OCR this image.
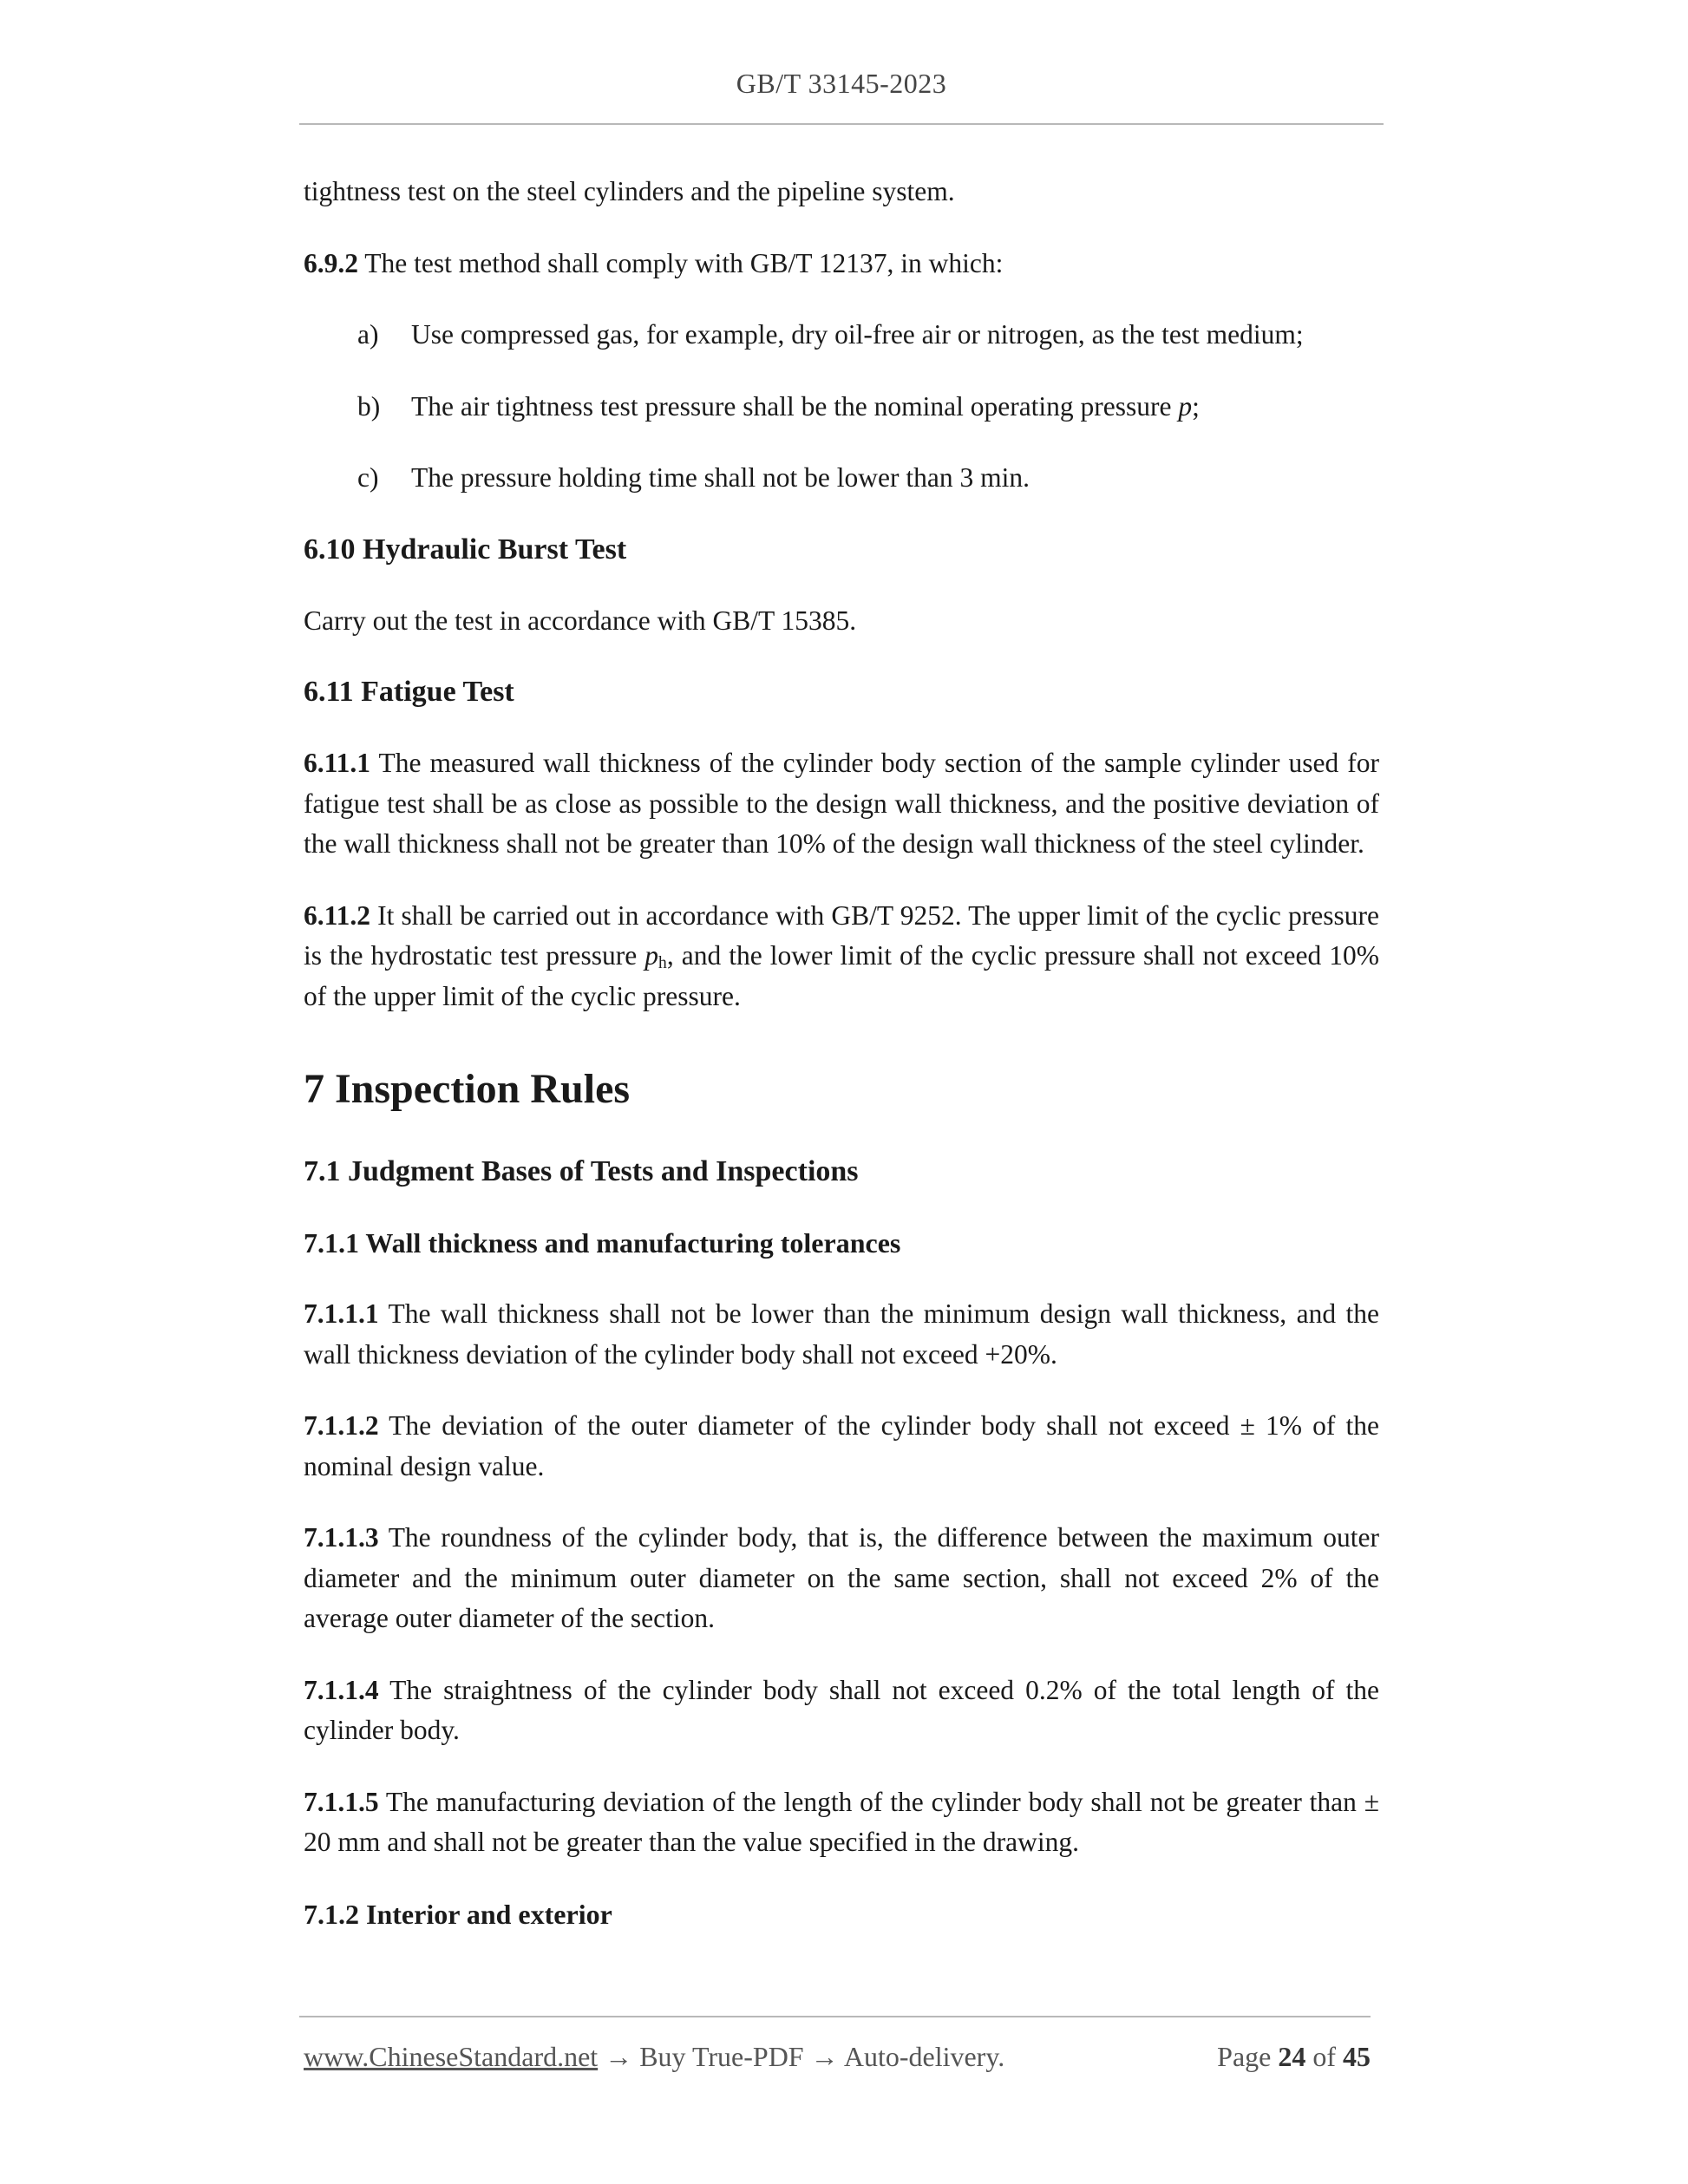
GB/T 33145-2023

tightness test on the steel cylinders and the pipeline system.

6.9.2 The test method shall comply with GB/T 12137, in which:

a)	Use compressed gas, for example, dry oil-free air or nitrogen, as the test medium;
b)	The air tightness test pressure shall be the nominal operating pressure p;
c)	The pressure holding time shall not be lower than 3 min.
6.10 Hydraulic Burst Test

Carry out the test in accordance with GB/T 15385.

6.11 Fatigue Test

6.11.1 The measured wall thickness of the cylinder body section of the sample cylinder used for fatigue test shall be as close as possible to the design wall thickness, and the positive deviation of the wall thickness shall not be greater than 10% of the design wall thickness of the steel cylinder.

6.11.2 It shall be carried out in accordance with GB/T 9252. The upper limit of the cyclic pressure is the hydrostatic test pressure $p_h$, and the lower limit of the cyclic pressure shall not exceed 10% of the upper limit of the cyclic pressure.

7 Inspection Rules
7.1 Judgment Bases of Tests and Inspections
7.1.1 Wall thickness and manufacturing tolerances

7.1.1.1 The wall thickness shall not be lower than the minimum design wall thickness, and the wall thickness deviation of the cylinder body shall not exceed +20%.

7.1.1.2 The deviation of the outer diameter of the cylinder body shall not exceed ± 1% of the nominal design value.

7.1.1.3 The roundness of the cylinder body, that is, the difference between the maximum outer diameter and the minimum outer diameter on the same section, shall not exceed 2% of the average outer diameter of the section.

7.1.1.4 The straightness of the cylinder body shall not exceed 0.2% of the total length of the cylinder body.

7.1.1.5 The manufacturing deviation of the length of the cylinder body shall not be greater than ± 20 mm and shall not be greater than the value specified in the drawing.

7.1.2 Interior and exterior
www.ChineseStandard.net → Buy True-PDF → Auto-delivery.	Page 24 of 45
